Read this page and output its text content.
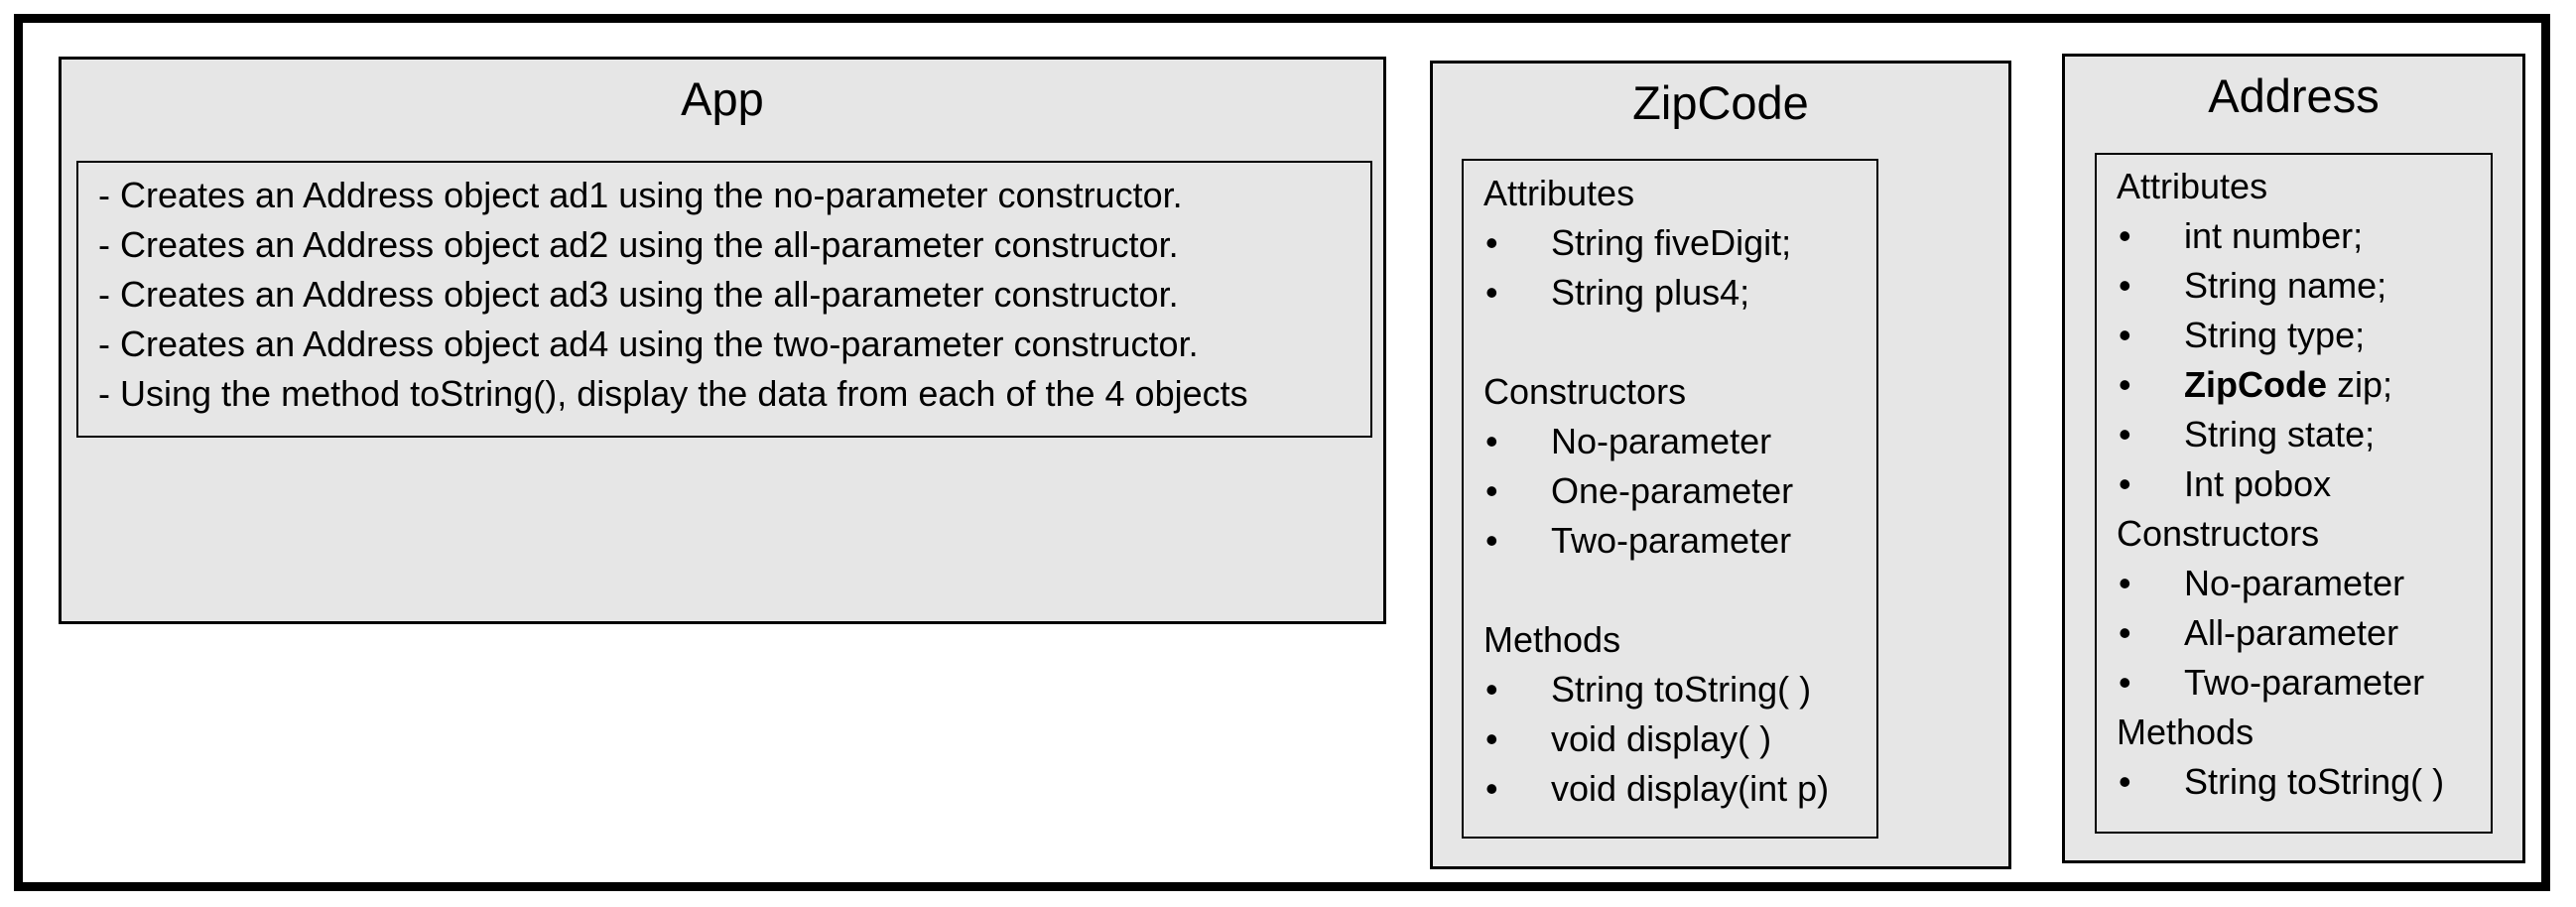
App
- Creates an Address object ad1 using the no-parameter constructor.
- Creates an Address object ad2 using the all-parameter constructor.
- Creates an Address object ad3 using the all-parameter constructor.
- Creates an Address object ad4 using the two-parameter constructor.
- Using the method toString(), display the data from each of the 4 objects
ZipCode
Attributes
• String fiveDigit;
• String plus4;
Constructors
• No-parameter
• One-parameter
• Two-parameter
Methods
• String toString( )
• void display( )
• void display(int p)
Address
Attributes
• int number;
• String name;
• String type;
• ZipCode zip;
• String state;
• Int pobox
Constructors
• No-parameter
• All-parameter
• Two-parameter
Methods
• String toString( )
